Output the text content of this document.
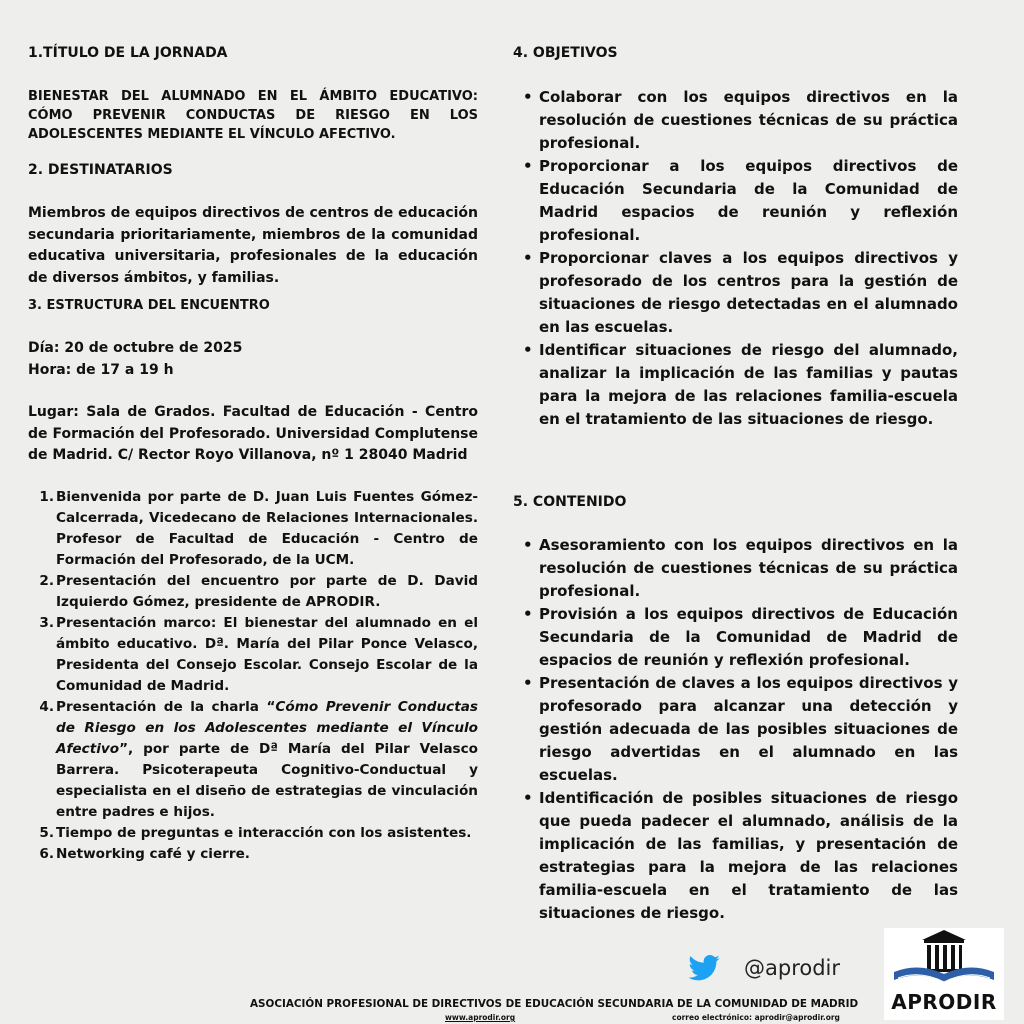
1.TÍTULO DE LA JORNADA
BIENESTAR DEL ALUMNADO EN EL ÁMBITO EDUCATIVO: CÓMO PREVENIR CONDUCTAS DE RIESGO EN LOS ADOLESCENTES MEDIANTE EL VÍNCULO AFECTIVO.
2. DESTINATARIOS
Miembros de equipos directivos de centros de educación secundaria prioritariamente, miembros de la comunidad educativa universitaria, profesionales de la educación de diversos ámbitos, y familias.
3. ESTRUCTURA DEL ENCUENTRO
Día: 20 de octubre de 2025
Hora: de 17 a 19 h
Lugar: Sala de Grados. Facultad de Educación - Centro de Formación del Profesorado. Universidad Complutense de Madrid. C/ Rector Royo Villanova, nº 1 28040 Madrid
1. Bienvenida por parte de D. Juan Luis Fuentes Gómez-Calcerrada, Vicedecano de Relaciones Internacionales. Profesor de Facultad de Educación - Centro de Formación del Profesorado, de la UCM.
2. Presentación del encuentro por parte de D. David Izquierdo Gómez, presidente de APRODIR.
3. Presentación marco: El bienestar del alumnado en el ámbito educativo. Dª. María del Pilar Ponce Velasco, Presidenta del Consejo Escolar. Consejo Escolar de la Comunidad de Madrid.
4. Presentación de la charla “Cómo Prevenir Conductas de Riesgo en los Adolescentes mediante el Vínculo Afectivo”, por parte de Dª María del Pilar Velasco Barrera. Psicoterapeuta Cognitivo-Conductual y especialista en el diseño de estrategias de vinculación entre padres e hijos.
5. Tiempo de preguntas e interacción con los asistentes.
6. Networking café y cierre.
4. OBJETIVOS
• Colaborar con los equipos directivos en la resolución de cuestiones técnicas de su práctica profesional.
• Proporcionar a los equipos directivos de Educación Secundaria de la Comunidad de Madrid espacios de reunión y reflexión profesional.
• Proporcionar claves a los equipos directivos y profesorado de los centros para la gestión de situaciones de riesgo detectadas en el alumnado en las escuelas.
• Identificar situaciones de riesgo del alumnado, analizar la implicación de las familias y pautas para la mejora de las relaciones familia-escuela en el tratamiento de las situaciones de riesgo.
5. CONTENIDO
• Asesoramiento con los equipos directivos en la resolución de cuestiones técnicas de su práctica profesional.
• Provisión a los equipos directivos de Educación Secundaria de la Comunidad de Madrid de espacios de reunión y reflexión profesional.
• Presentación de claves a los equipos directivos y profesorado para alcanzar una detección y gestión adecuada de las posibles situaciones de riesgo advertidas en el alumnado en las escuelas.
• Identificación de posibles situaciones de riesgo que pueda padecer el alumnado, análisis de la implicación de las familias, y presentación de estrategias para la mejora de las relaciones familia-escuela en el tratamiento de las situaciones de riesgo.
@aprodir
APRODIR
ASOCIACIÓN PROFESIONAL DE DIRECTIVOS DE EDUCACIÓN SECUNDARIA DE LA COMUNIDAD DE MADRID
www.aprodir.org	correo electrónico: aprodir@aprodir.org
